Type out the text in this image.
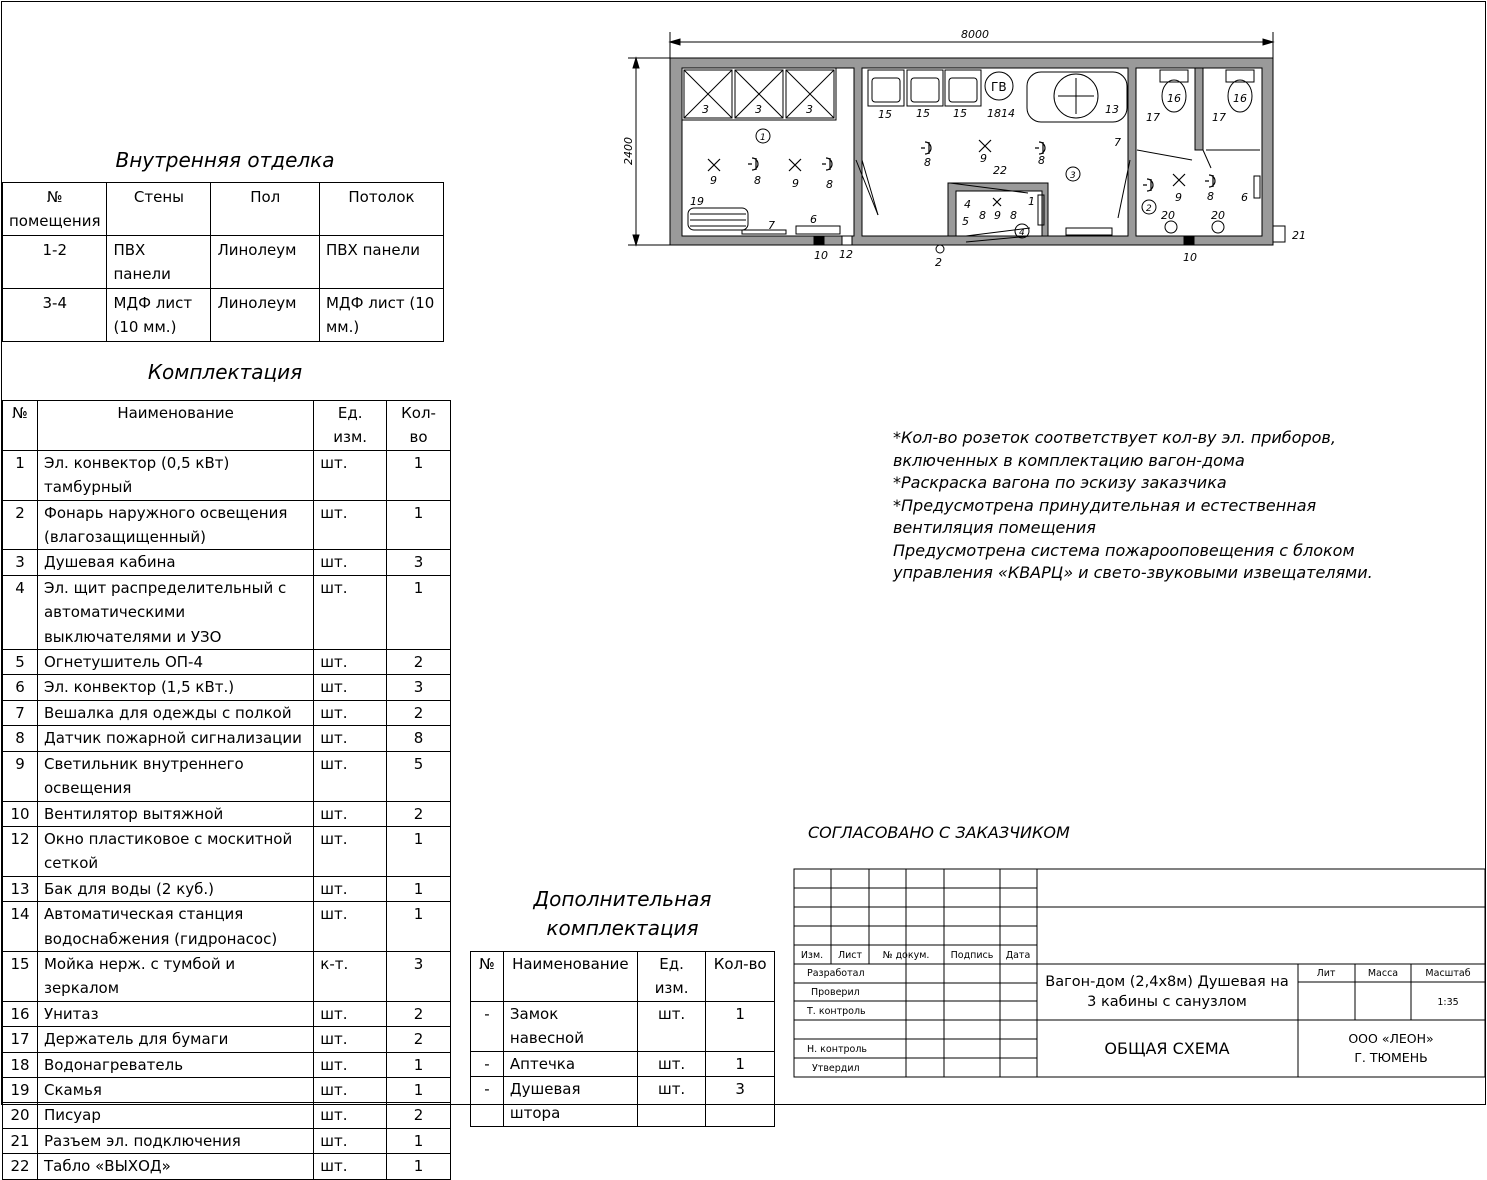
Внутренняя отделка
№
помещения	Стены	Пол	Потолок
1-2	ПВХ панели	Линолеум	ПВХ панели
3-4	МДФ лист (10 мм.)	Линолеум	МДФ лист (10 мм.)
Комплектация
№	Наименование	Ед. изм.	Кол-во
1	Эл. конвектор (0,5 кВт) тамбурный	шт.	1
2	Фонарь наружного освещения (влагозащищенный)	шт.	1
3	Душевая кабина	шт.	3
4	Эл. щит распределительный с автоматическими выключателями и УЗО	шт.	1
5	Огнетушитель ОП-4	шт.	2
6	Эл. конвектор (1,5 кВт.)	шт.	3
7	Вешалка для одежды с полкой	шт.	2
8	Датчик пожарной сигнализации	шт.	8
9	Светильник внутреннего освещения	шт.	5
10	Вентилятор вытяжной	шт.	2
12	Окно пластиковое с москитной сеткой	шт.	1
13	Бак для воды (2 куб.)	шт.	1
14	Автоматическая станция водоснабжения (гидронасос)	шт.	1
15	Мойка нерж. с тумбой и зеркалом	к-т.	3
16	Унитаз	шт.	2
17	Держатель для бумаги	шт.	2
18	Водонагреватель	шт.	1
19	Скамья	шт.	1
20	Писуар	шт.	2
21	Разъем эл. подключения	шт.	1
22	Табло «ВЫХОД»	шт.	1
Дополнительная
комплектация
№	Наименование	Ед. изм.	Кол-во
-	Замок навесной	шт.	1
-	Аптечка	шт.	1
-	Душевая штора	шт.	3
*Кол-во розеток соответствует кол-ву эл. приборов,
включенных в комплектацию вагон-дома
*Раскраска вагона по эскизу заказчика
*Предусмотрена принудительная и естественная
вентиляция помещения
Предусмотрена система пожарооповещения с блоком
управления «КВАРЦ» и свето-звуковыми извещателями.
СОГЛАСОВАНО С ЗАКАЗЧИКОМ
8000
2400
ГВ
3	3	3
1
3
2
4
15 15 15 1814	13
16	16
17	17
7
9	8	9 8
8	9	8
22
9 8 6
20	20
19
7	6
10 12	10
2
21
4
5 8 9 8
1
Изм. Лист № докум. Подпись Дата
Разработал
Проверил
Т. контроль
Н. контроль
Утвердил
Лит	Масса	Масштаб
1:35
Вагон-дом (2,4х8м) Душевая на
3 кабины с санузлом
ОБЩАЯ СХЕМА
ООО «ЛЕОН»
Г. ТЮМЕНЬ
